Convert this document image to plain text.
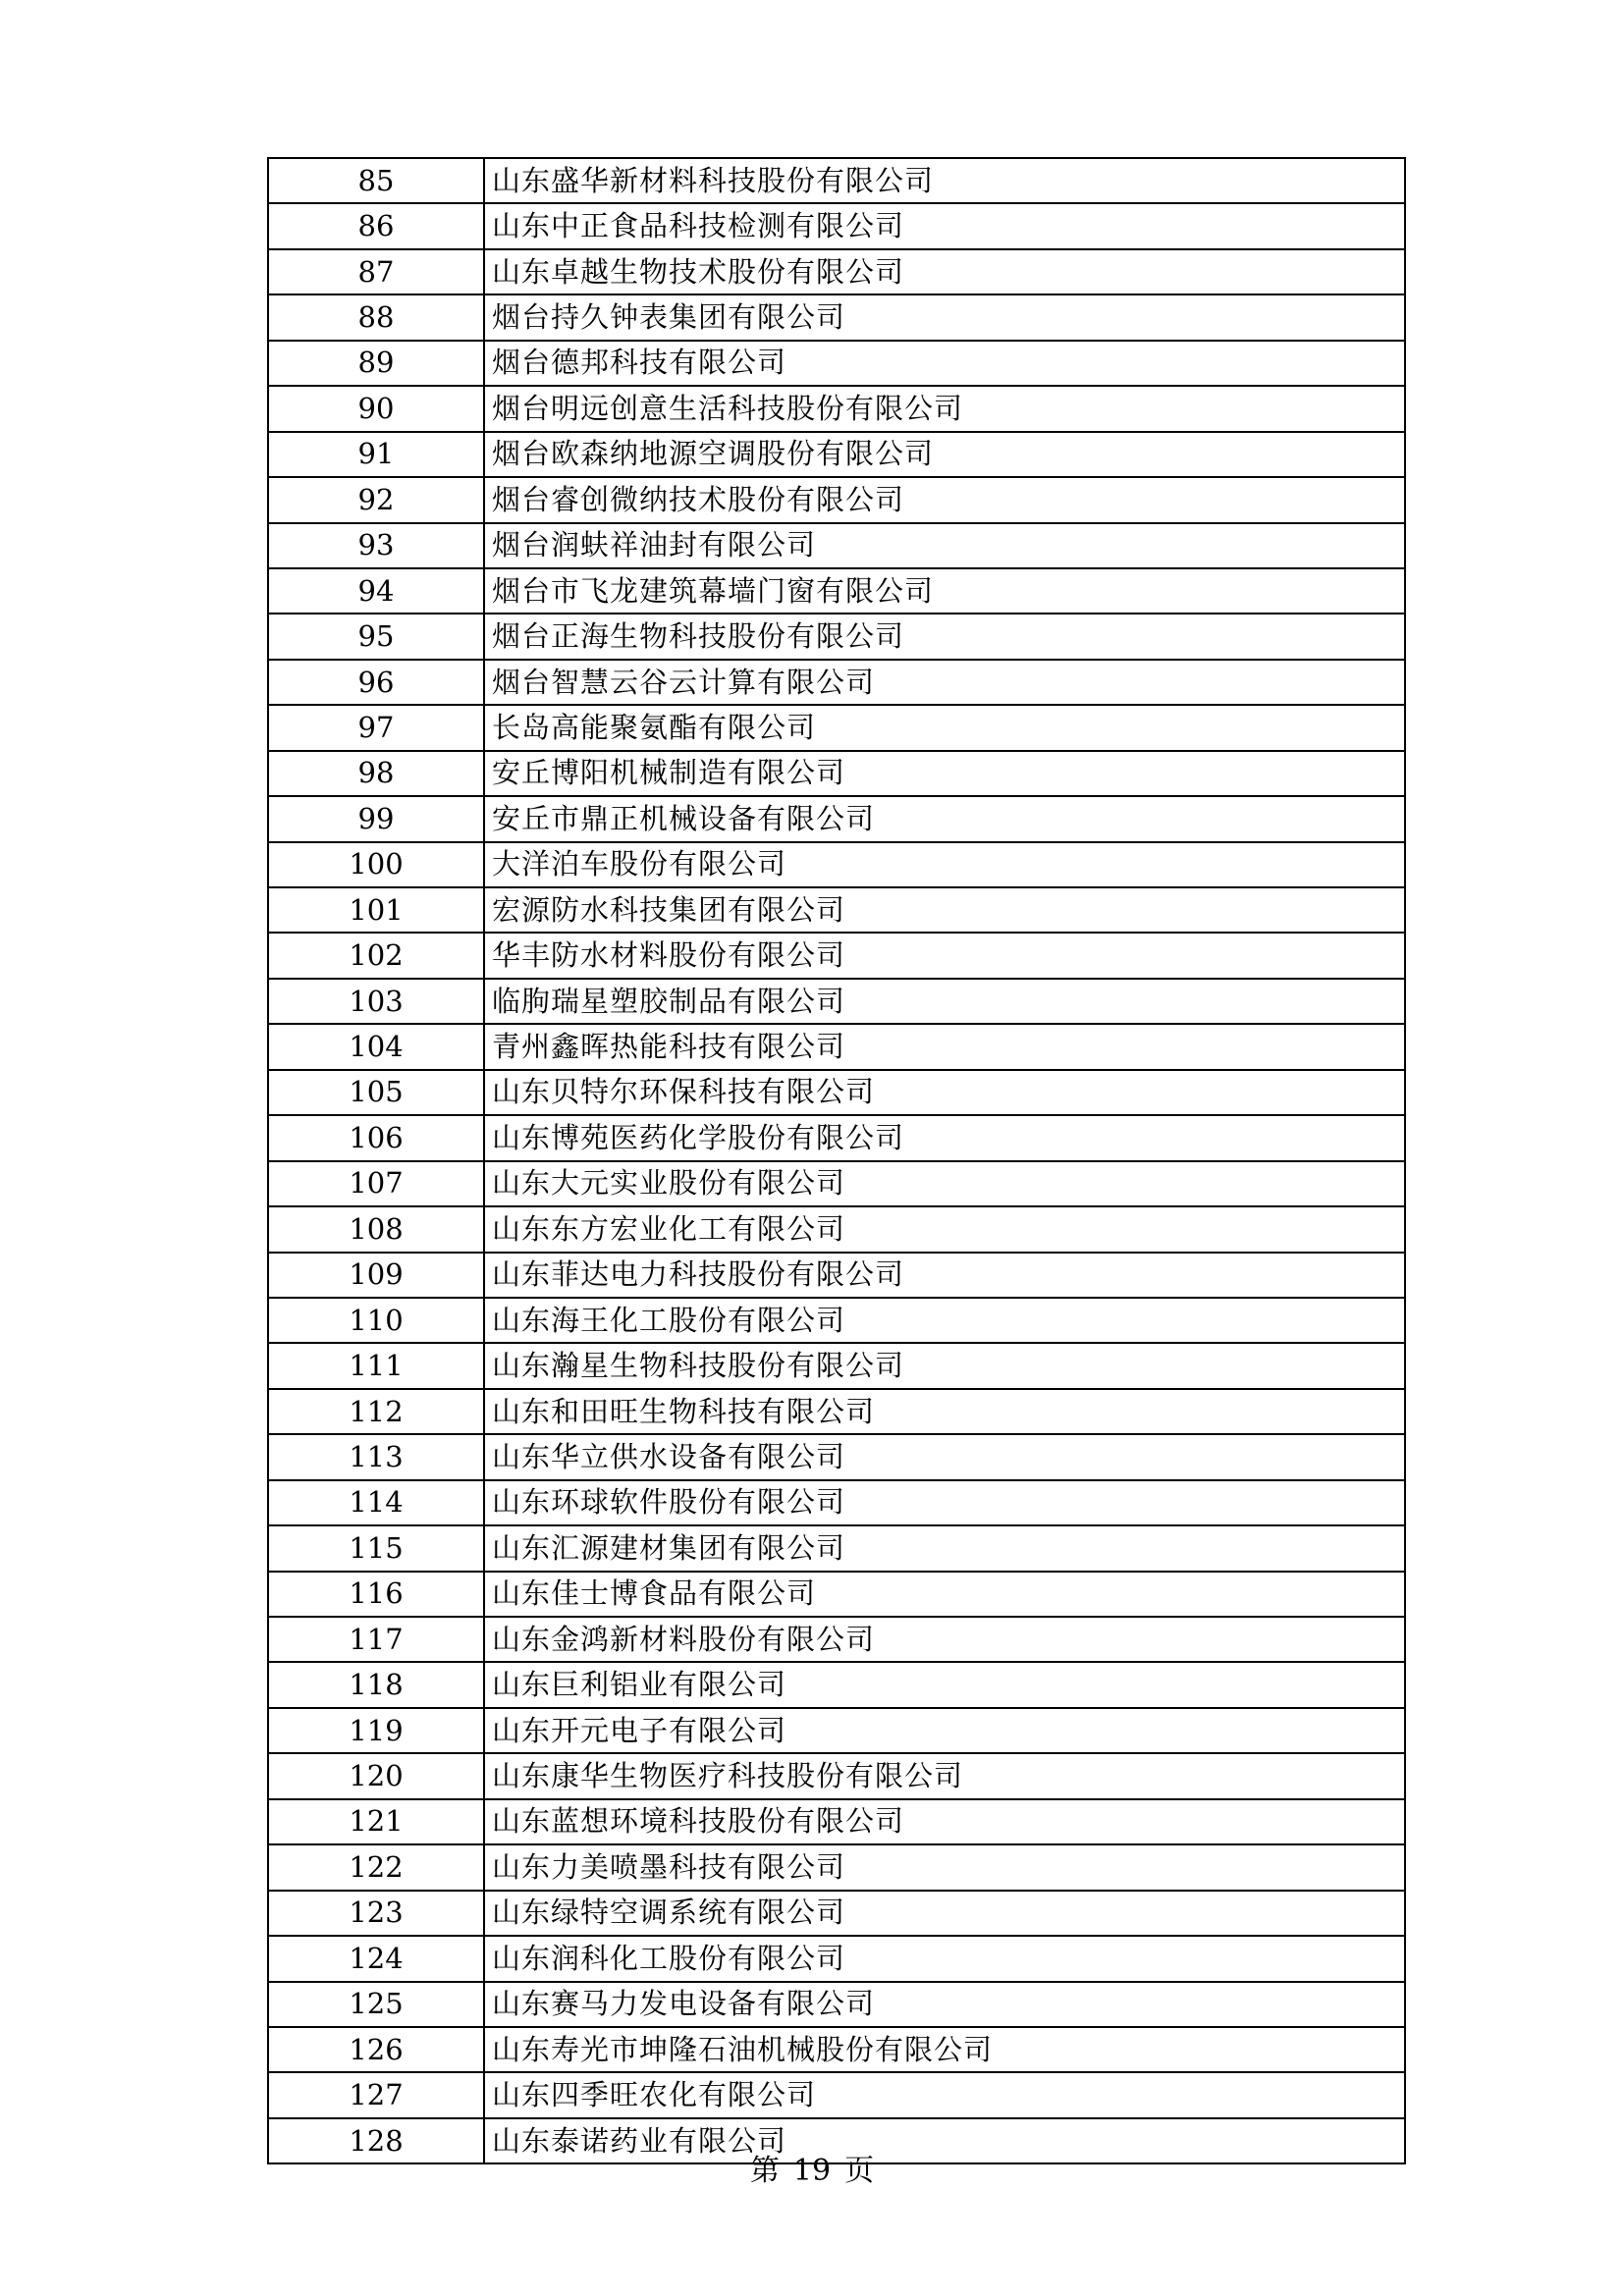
85	山东盛华新材料科技股份有限公司
86	山东中正食品科技检测有限公司
87	山东卓越生物技术股份有限公司
88	烟台持久钟表集团有限公司
89	烟台德邦科技有限公司
90	烟台明远创意生活科技股份有限公司
91	烟台欧森纳地源空调股份有限公司
92	烟台睿创微纳技术股份有限公司
93	烟台润蚨祥油封有限公司
94	烟台市飞龙建筑幕墙门窗有限公司
95	烟台正海生物科技股份有限公司
96	烟台智慧云谷云计算有限公司
97	长岛高能聚氨酯有限公司
98	安丘博阳机械制造有限公司
99	安丘市鼎正机械设备有限公司
100	大洋泊车股份有限公司
101	宏源防水科技集团有限公司
102	华丰防水材料股份有限公司
103	临朐瑞星塑胶制品有限公司
104	青州鑫晖热能科技有限公司
105	山东贝特尔环保科技有限公司
106	山东博苑医药化学股份有限公司
107	山东大元实业股份有限公司
108	山东东方宏业化工有限公司
109	山东菲达电力科技股份有限公司
110	山东海王化工股份有限公司
111	山东瀚星生物科技股份有限公司
112	山东和田旺生物科技有限公司
113	山东华立供水设备有限公司
114	山东环球软件股份有限公司
115	山东汇源建材集团有限公司
116	山东佳士博食品有限公司
117	山东金鸿新材料股份有限公司
118	山东巨利铝业有限公司
119	山东开元电子有限公司
120	山东康华生物医疗科技股份有限公司
121	山东蓝想环境科技股份有限公司
122	山东力美喷墨科技有限公司
123	山东绿特空调系统有限公司
124	山东润科化工股份有限公司
125	山东赛马力发电设备有限公司
126	山东寿光市坤隆石油机械股份有限公司
127	山东四季旺农化有限公司
128	山东泰诺药业有限公司
第 19 页
